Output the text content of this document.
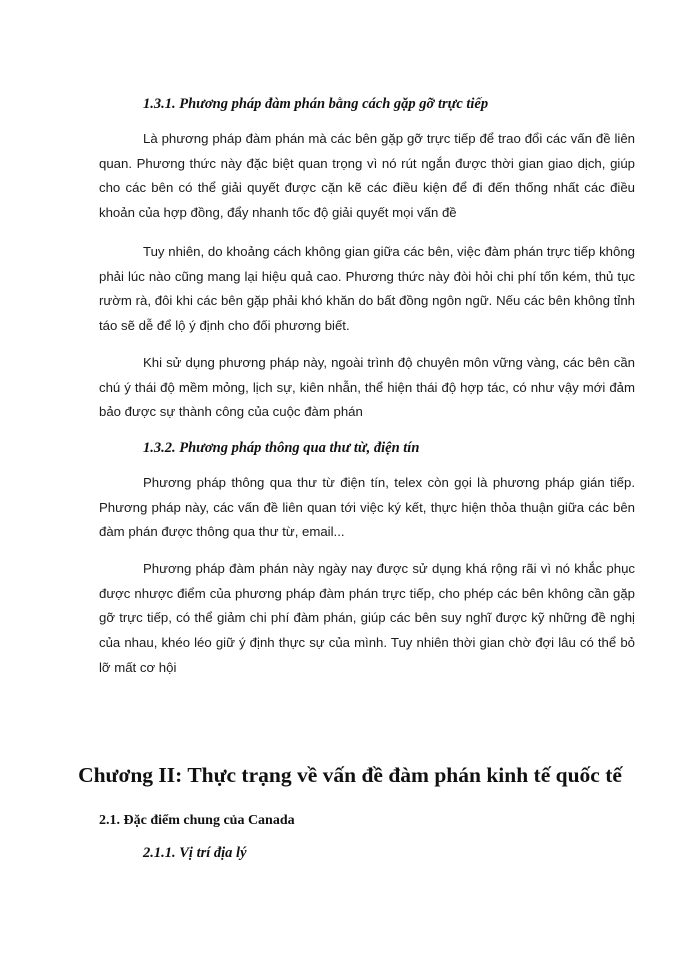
1.3.1. Phương pháp đàm phán bằng cách gặp gỡ trực tiếp

Là phương pháp đàm phán mà các bên gặp gỡ trực tiếp để trao đổi các vấn đề liên quan. Phương thức này đặc biệt quan trọng vì nó rút ngắn được thời gian giao dịch, giúp cho các bên có thể giải quyết được cặn kẽ các điều kiện để đi đến thống nhất các điều khoản của hợp đồng, đẩy nhanh tốc độ giải quyết mọi vấn đề

Tuy nhiên, do khoảng cách không gian giữa các bên, việc đàm phán trực tiếp không phải lúc nào cũng mang lại hiệu quả cao. Phương thức này đòi hỏi chi phí tốn kém, thủ tục rườm rà, đôi khi các bên gặp phải khó khăn do bất đồng ngôn ngữ. Nếu các bên không tỉnh táo sẽ dễ để lộ ý định cho đối phương biết.

Khi sử dụng phương pháp này, ngoài trình độ chuyên môn vững vàng, các bên cần chú ý thái độ mềm mỏng, lịch sự, kiên nhẫn, thể hiện thái độ hợp tác, có như vậy mới đảm bảo được sự thành công của cuộc đàm phán

1.3.2. Phương pháp thông qua thư từ, điện tín

Phương pháp thông qua thư từ điện tín, telex còn gọi là phương pháp gián tiếp. Phương pháp này, các vấn đề liên quan tới việc ký kết, thực hiện thỏa thuận giữa các bên đàm phán được thông qua thư từ, email...

Phương pháp đàm phán này ngày nay được sử dụng khá rộng rãi vì nó khắc phục được nhược điểm của phương pháp đàm phán trực tiếp, cho phép các bên không cần gặp gỡ trực tiếp, có thể giảm chi phí đàm phán, giúp các bên suy nghĩ được kỹ những đề nghị của nhau, khéo léo giữ ý định thực sự của mình. Tuy nhiên thời gian chờ đợi lâu có thể bỏ lỡ mất cơ hội

Chương II: Thực trạng về vấn đề đàm phán kinh tế quốc tế
2.1. Đặc điểm chung của Canada
2.1.1. Vị trí địa lý
